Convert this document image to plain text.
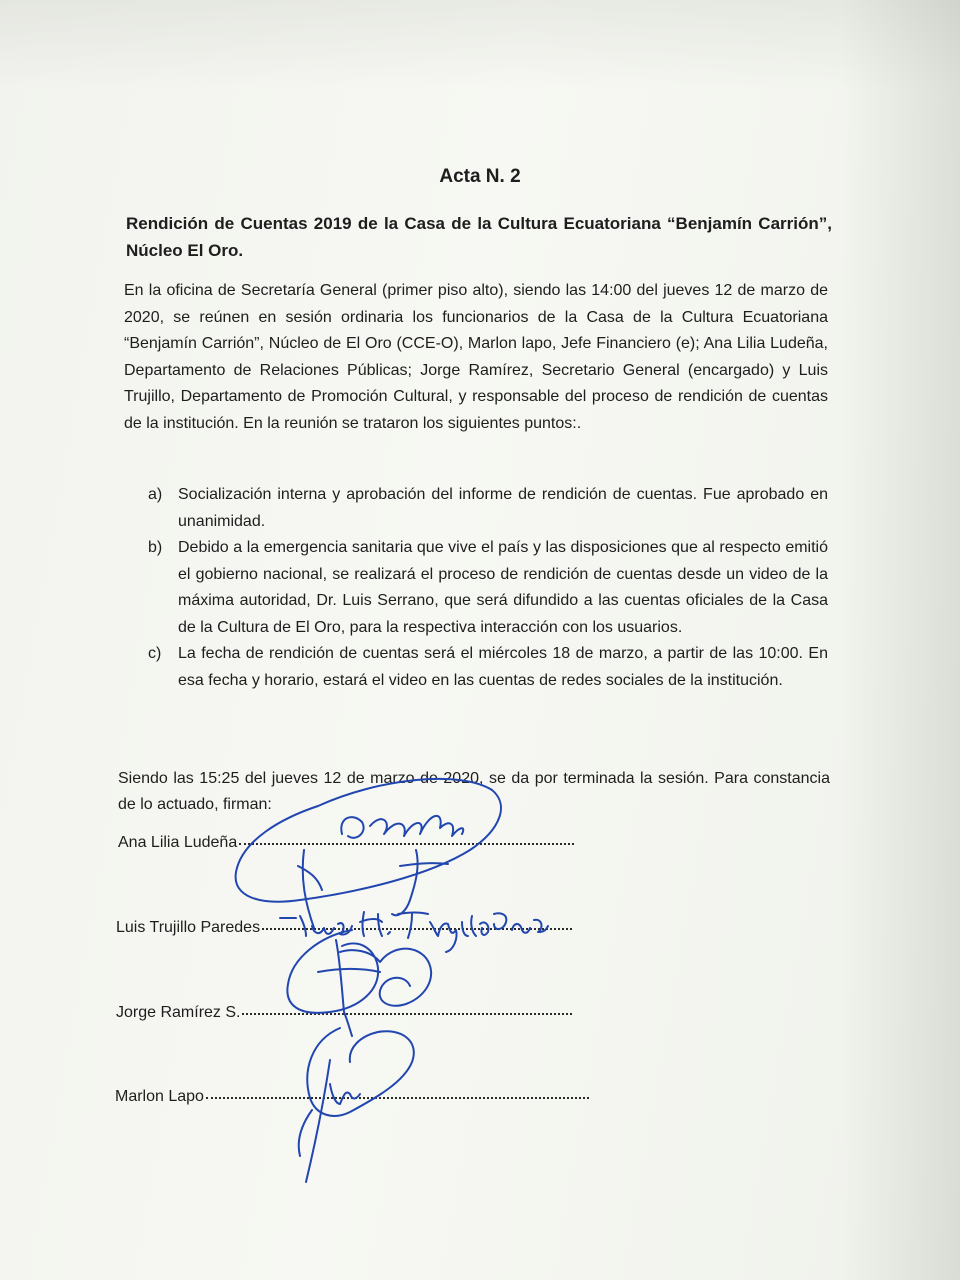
Acta N. 2
Rendición de Cuentas 2019 de la Casa de la Cultura Ecuatoriana “Benjamín Carrión”, Núcleo El Oro.
En la oficina de Secretaría General (primer piso alto), siendo las 14:00 del jueves 12 de marzo de 2020, se reúnen en sesión ordinaria los funcionarios de la Casa de la Cultura Ecuatoriana “Benjamín Carrión”, Núcleo de El Oro (CCE-O), Marlon lapo, Jefe Financiero (e); Ana Lilia Ludeña, Departamento de Relaciones Públicas; Jorge Ramírez, Secretario General (encargado) y Luis Trujillo, Departamento de Promoción Cultural, y responsable del proceso de rendición de cuentas de la institución. En la reunión se trataron los siguientes puntos:.
a) Socialización interna y aprobación del informe de rendición de cuentas. Fue aprobado en unanimidad.
b) Debido a la emergencia sanitaria que vive el país y las disposiciones que al respecto emitió el gobierno nacional, se realizará el proceso de rendición de cuentas desde un video de la máxima autoridad, Dr. Luis Serrano, que será difundido a las cuentas oficiales de la Casa de la Cultura de El Oro, para la respectiva interacción con los usuarios.
c)	La fecha de rendición de cuentas será el miércoles 18 de marzo, a partir de las 10:00. En esa fecha y horario, estará el video en las cuentas de redes sociales de la institución.
Siendo las 15:25 del jueves 12 de marzo de 2020, se da por terminada la sesión. Para constancia de lo actuado, firman:
Ana Lilia Ludeña
Luis Trujillo Paredes
Jorge Ramírez S.
Marlon Lapo
